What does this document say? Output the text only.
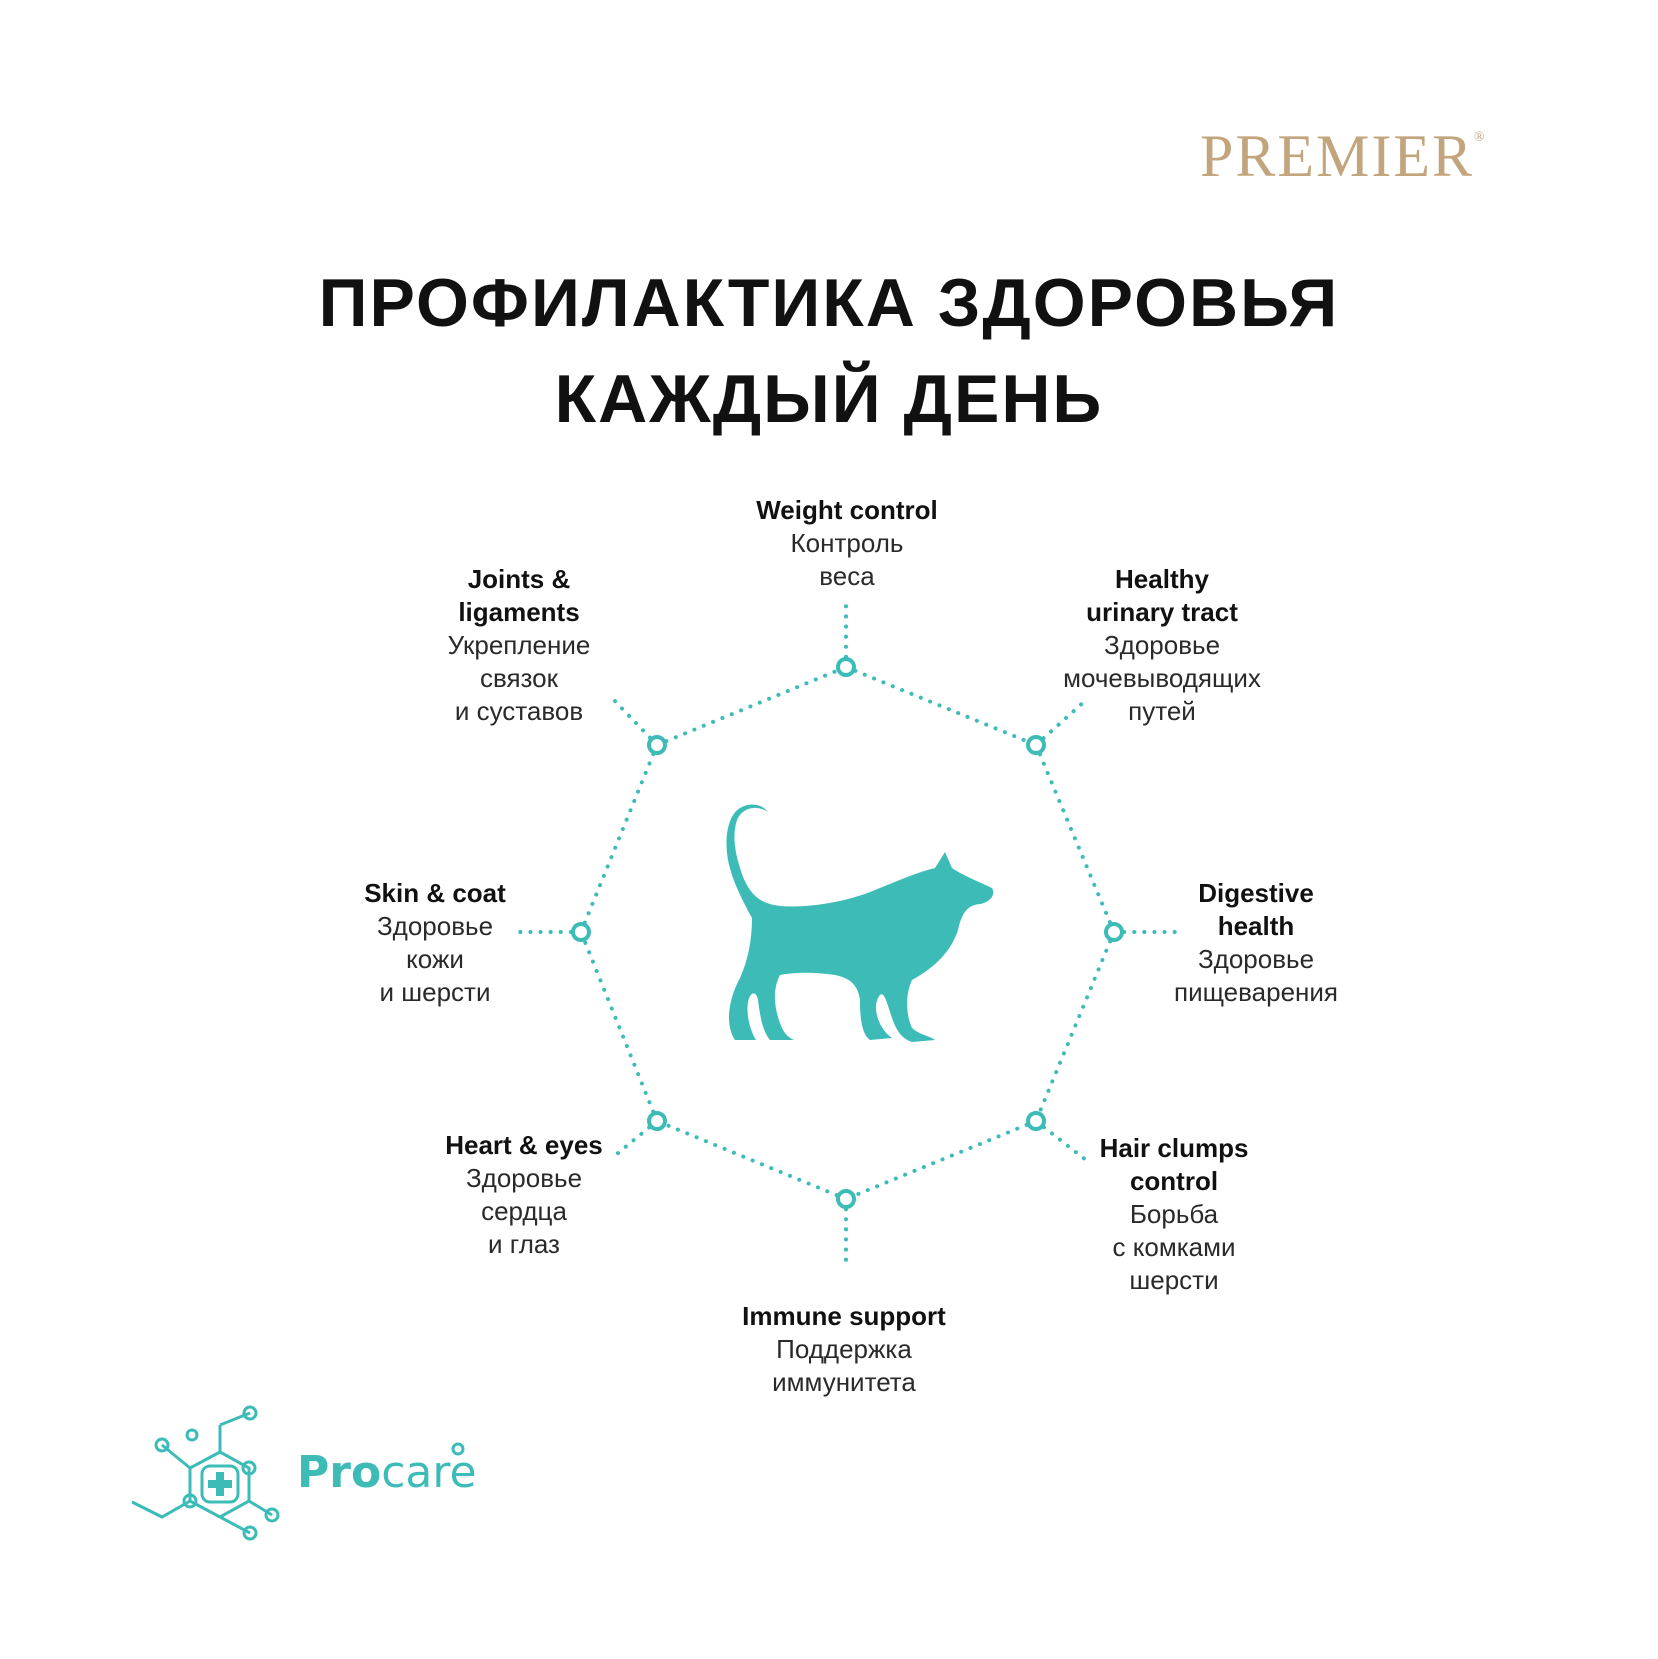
PREMIER®
ПРОФИЛАКТИКА ЗДОРОВЬЯ
КАЖДЫЙ ДЕНЬ
Weight control
Контроль
веса	Healthy
urinary tract
Здоровье
мочевыводящих
путей
Digestive
health
Здоровье
пищеварения
Hair clumps
control
Борьба
с комками
шерсти
Immune support
Поддержка
иммунитета
Heart & eyes
Здоровье
сердца
и глаз
Skin & coat
Здоровье
кожи
и шерсти
Joints &
ligaments
Укрепление
связок
и суставов
Procare
